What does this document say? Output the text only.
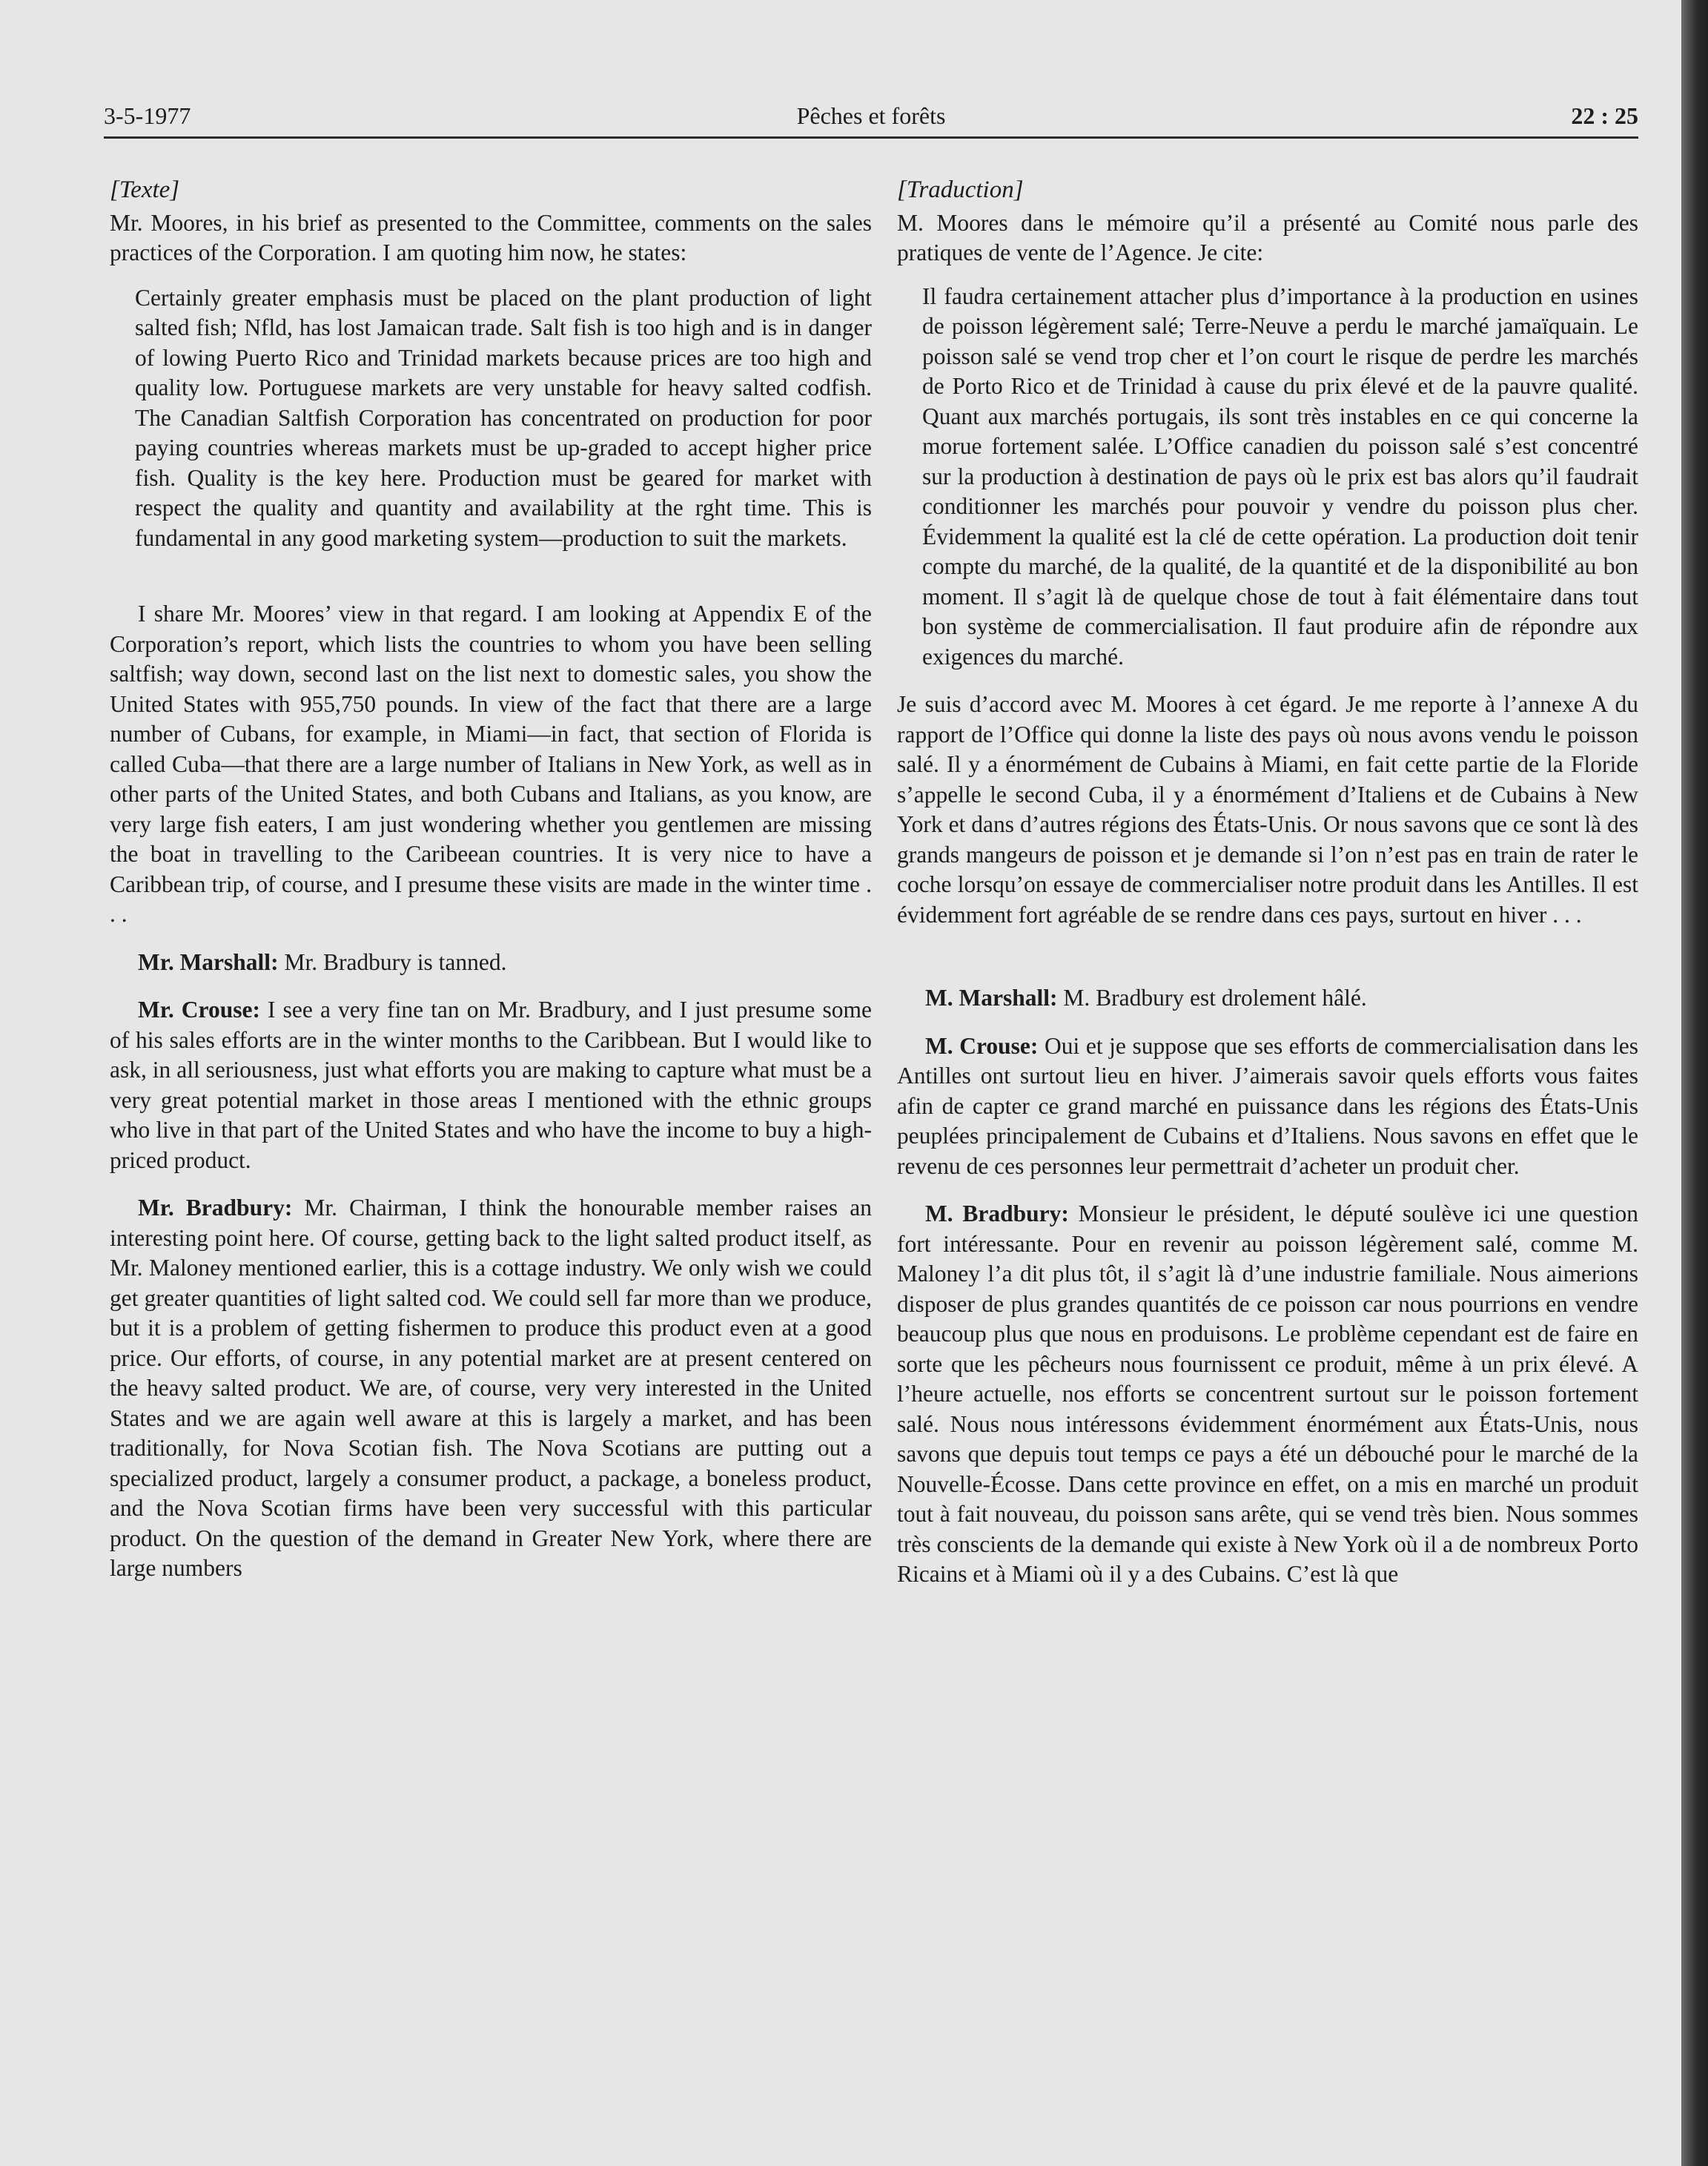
3-5-1977	Pêches et forêts	22 : 25
[Texte]

Mr. Moores, in his brief as presented to the Committee, comments on the sales practices of the Corporation. I am quoting him now, he states:

Certainly greater emphasis must be placed on the plant production of light salted fish; Nfld, has lost Jamaican trade. Salt fish is too high and is in danger of lowing Puerto Rico and Trinidad markets because prices are too high and quality low. Portuguese markets are very unstable for heavy salted codfish. The Canadian Saltfish Corporation has concentrated on production for poor paying countries whereas markets must be up-graded to accept higher price fish. Quality is the key here. Production must be geared for market with respect the quality and quantity and availability at the rght time. This is fundamental in any good marketing system—production to suit the markets.

I share Mr. Moores’ view in that regard. I am looking at Appendix E of the Corporation’s report, which lists the countries to whom you have been selling saltfish; way down, second last on the list next to domestic sales, you show the United States with 955,750 pounds. In view of the fact that there are a large number of Cubans, for example, in Miami—in fact, that section of Florida is called Cuba—that there are a large number of Italians in New York, as well as in other parts of the United States, and both Cubans and Italians, as you know, are very large fish eaters, I am just wondering whether you gentlemen are missing the boat in travelling to the Caribeean countries. It is very nice to have a Caribbean trip, of course, and I presume these visits are made in the winter time . . .

Mr. Marshall: Mr. Bradbury is tanned.

Mr. Crouse: I see a very fine tan on Mr. Bradbury, and I just presume some of his sales efforts are in the winter months to the Caribbean. But I would like to ask, in all seriousness, just what efforts you are making to capture what must be a very great potential market in those areas I mentioned with the ethnic groups who live in that part of the United States and who have the income to buy a high-priced product.

Mr. Bradbury: Mr. Chairman, I think the honourable member raises an interesting point here. Of course, getting back to the light salted product itself, as Mr. Maloney mentioned earlier, this is a cottage industry. We only wish we could get greater quantities of light salted cod. We could sell far more than we produce, but it is a problem of getting fishermen to produce this product even at a good price. Our efforts, of course, in any potential market are at present centered on the heavy salted product. We are, of course, very very interested in the United States and we are again well aware at this is largely a market, and has been traditionally, for Nova Scotian fish. The Nova Scotians are putting out a specialized product, largely a consumer product, a package, a boneless product, and the Nova Scotian firms have been very successful with this particular product. On the question of the demand in Greater New York, where there are large numbers

[Traduction]

M. Moores dans le mémoire qu’il a présenté au Comité nous parle des pratiques de vente de l’Agence. Je cite:

Il faudra certainement attacher plus d’importance à la production en usines de poisson légèrement salé; Terre-Neuve a perdu le marché jamaïquain. Le poisson salé se vend trop cher et l’on court le risque de perdre les marchés de Porto Rico et de Trinidad à cause du prix élevé et de la pauvre qualité. Quant aux marchés portugais, ils sont très instables en ce qui concerne la morue fortement salée. L’Office canadien du poisson salé s’est concentré sur la production à destination de pays où le prix est bas alors qu’il faudrait conditionner les marchés pour pouvoir y vendre du poisson plus cher. Évidemment la qualité est la clé de cette opération. La production doit tenir compte du marché, de la qualité, de la quantité et de la disponibilité au bon moment. Il s’agit là de quelque chose de tout à fait élémentaire dans tout bon système de commercialisation. Il faut produire afin de répondre aux exigences du marché.

Je suis d’accord avec M. Moores à cet égard. Je me reporte à l’annexe A du rapport de l’Office qui donne la liste des pays où nous avons vendu le poisson salé. Il y a énormément de Cubains à Miami, en fait cette partie de la Floride s’appelle le second Cuba, il y a énormément d’Italiens et de Cubains à New York et dans d’autres régions des États-Unis. Or nous savons que ce sont là des grands mangeurs de poisson et je demande si l’on n’est pas en train de rater le coche lorsqu’on essaye de commercialiser notre produit dans les Antilles. Il est évidemment fort agréable de se rendre dans ces pays, surtout en hiver . . .

M. Marshall: M. Bradbury est drolement hâlé.

M. Crouse: Oui et je suppose que ses efforts de commercialisation dans les Antilles ont surtout lieu en hiver. J’aimerais savoir quels efforts vous faites afin de capter ce grand marché en puissance dans les régions des États-Unis peuplées principalement de Cubains et d’Italiens. Nous savons en effet que le revenu de ces personnes leur permettrait d’acheter un produit cher.

M. Bradbury: Monsieur le président, le député soulève ici une question fort intéressante. Pour en revenir au poisson légèrement salé, comme M. Maloney l’a dit plus tôt, il s’agit là d’une industrie familiale. Nous aimerions disposer de plus grandes quantités de ce poisson car nous pourrions en vendre beaucoup plus que nous en produisons. Le problème cependant est de faire en sorte que les pêcheurs nous fournissent ce produit, même à un prix élevé. A l’heure actuelle, nos efforts se concentrent surtout sur le poisson fortement salé. Nous nous intéressons évidemment énormément aux États-Unis, nous savons que depuis tout temps ce pays a été un débouché pour le marché de la Nouvelle-Écosse. Dans cette province en effet, on a mis en marché un produit tout à fait nouveau, du poisson sans arête, qui se vend très bien. Nous sommes très conscients de la demande qui existe à New York où il a de nombreux Porto Ricains et à Miami où il y a des Cubains. C’est là que
